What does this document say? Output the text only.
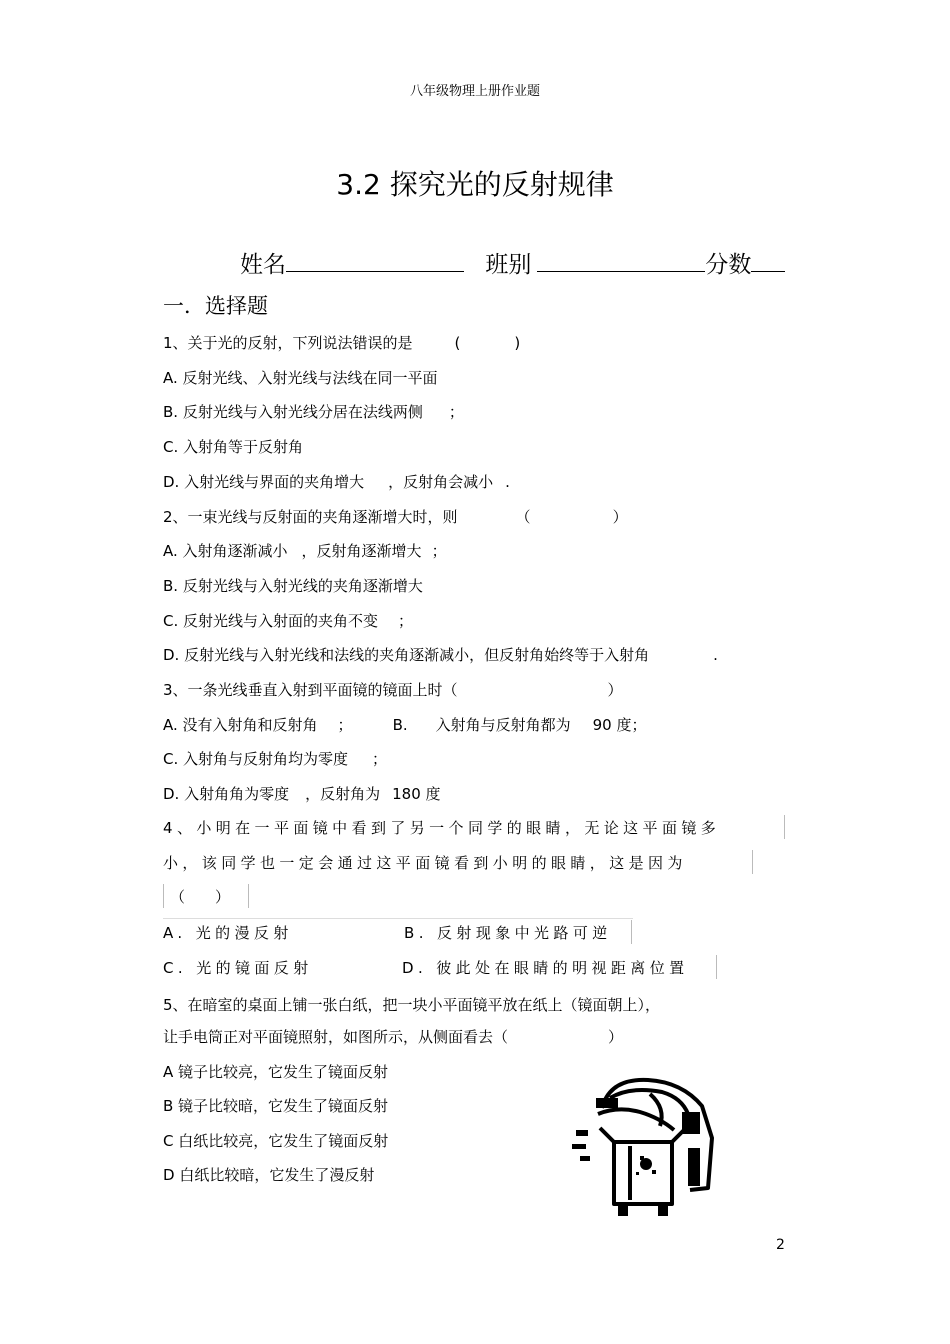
八年级物理上册作业题
3.2 探究光的反射规律
姓名	班别	分数
一．选择题
1、关于光的反射，下列说法错误的是	(	)
A. 反射光线、入射光线与法线在同一平面
B. 反射光线与入射光线分居在法线两侧 ；
C. 入射角等于反射角
D. 入射光线与界面的夹角增大 ，反射角会减小 .
2、一束光线与反射面的夹角逐渐增大时，则	（	）
A. 入射角逐渐减小 ，反射角逐渐增大 ；
B. 反射光线与入射光线的夹角逐渐增大
C. 反射光线与入射面的夹角不变 ；
D. 反射光线与入射光线和法线的夹角逐渐减小，但反射角始终等于入射角	.
3、一条光线垂直入射到平面镜的镜面上时（	）
A. 没有入射角和反射角 ；	B. 入射角与反射角都为 90 度；
C. 入射角与反射角均为零度 ；
D. 入射角角为零度 ，反射角为 180 度
4、小明在一平面镜中看到了另一个同学的眼睛，无论这平面镜多
小，该同学也一定会通过这平面镜看到小明的眼睛，这是因为
（　　）
A. 光的漫反射	B. 反射现象中光路可逆
C. 光的镜面反射	D. 彼此处在眼睛的明视距离位置
5、在暗室的桌面上铺一张白纸，把一块小平面镜平放在纸上（镜面朝上），
让手电筒正对平面镜照射，如图所示，从侧面看去（	）
A 镜子比较亮，它发生了镜面反射
B 镜子比较暗，它发生了镜面反射
C 白纸比较亮，它发生了镜面反射
D 白纸比较暗，它发生了漫反射
2
